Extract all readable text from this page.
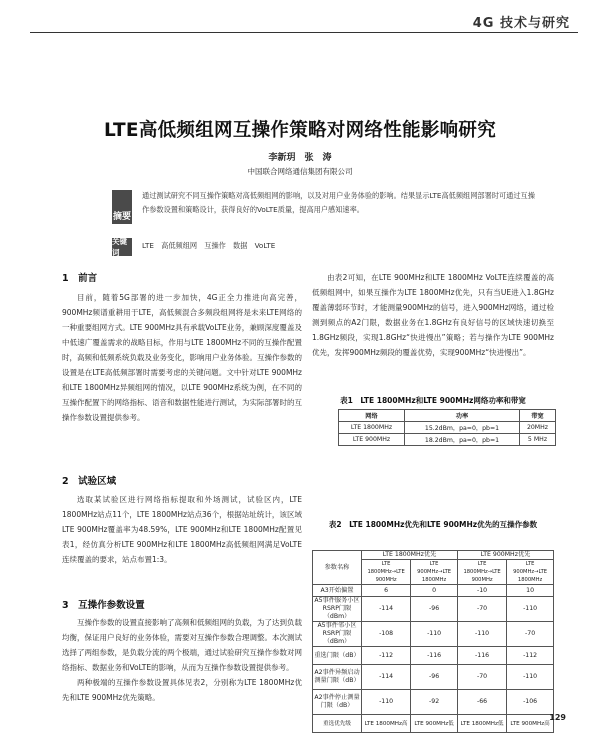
4G 技术与研究
LTE高低频组网互操作策略对网络性能影响研究
李新玥　张　涛
中国联合网络通信集团有限公司
摘要
通过测试研究不同互操作策略对高低频组网的影响，以及对用户业务体验的影响。结果显示LTE高低频组网部署时可通过互操作参数设置和策略设计，获得良好的VoLTE质量，提高用户感知速率。
关键词
LTE　高低频组网　互操作　数据　VoLTE
1　前言

目前，随着5G部署的进一步加快，4G正全力推进向高完善，900MHz频谱重耕用于LTE，高低频混合多频段组网将是未来LTE网络的一种重要组网方式。LTE 900MHz具有承载VoLTE业务，兼顾深度覆盖及中低速广覆盖需求的战略目标，作用与LTE 1800MHz不同的互操作配置时，高频和低频系统负载及业务变化，影响用户业务体验。互操作参数的设置是在LTE高低频部署时需要考虑的关键问题。文中针对LTE 900MHz和LTE 1800MHz异频组网的情况，以LTE 900MHz系统为例，在不同的互操作配置下的网络指标、语音和数据性能进行测试，为实际部署时的互操作参数设置提供参考。

2　试验区域

选取某试验区进行网络指标提取和外场测试，试验区内，LTE 1800MHz站点11个，LTE 1800MHz站点36个，根据站址统计，该区域LTE 900MHz覆盖率为48.59%，LTE 900MHz和LTE 1800MHz配置见表1，经仿真分析LTE 900MHz和LTE 1800MHz高低频组网满足VoLTE连续覆盖的要求，站点布置1:3。

3　互操作参数设置

互操作参数的设置直接影响了高频和低频组网的负载，为了达到负载均衡，保证用户良好的业务体验，需要对互操作参数合理调整。本次测试选择了两组参数，是负载分流的两个极端，通过试验研究互操作参数对网络指标、数据业务和VoLTE的影响，从而为互操作参数设置提供参考。

两种极端的互操作参数设置具体见表2，分别称为LTE 1800MHz优先和LTE 900MHz优先策略。

由表2可知，在LTE 900MHz和LTE 1800MHz VoLTE连续覆盖的高低频组网中，如果互操作为LTE 1800MHz优先，只有当UE进入1.8GHz覆盖薄弱环节时，才能测量900MHz的信号，进入900MHz网络，通过检测到频点的A2门限，数据业务在1.8GHz有良好信号的区域快速切换至1.8GHz频段，实现1.8GHz“快进慢出”策略；若与操作为LTE 900MHz优先，发挥900MHz频段的覆盖优势，实现900MHz“快进慢出”。

表1　LTE 1800MHz和LTE 900MHz网络功率和带宽
网络	功率	带宽
LTE 1800MHz	15.2dBm，pa=0，pb=1	20MHz
LTE 900MHz	18.2dBm，pa=0，pb=1	5 MHz
表2　LTE 1800MHz优先和LTE 900MHz优先的互操作参数
参数名称	LTE 1800MHz优先		LTE 900MHz优先	
	LTE 1800MHz→LTE 900MHz	LTE 900MHz→LTE 1800MHz	LTE 1800MHz→LTE 900MHz	LTE 900MHz→LTE 1800MHz
A3开始偏置	6	0	-10	10
A5事件服务小区RSRP门限（dBm）	-114	-96	-70	-110
A5事件邻小区RSRP门限（dBm）	-108	-110	-110	-70
重选门限（dB）	-112	-116	-116	-112
A2事件异频启动测量门限（dB）	-114	-96	-70	-110
A2事件停止测量门限（dB）	-110	-92	-66	-106
重选优先级	LTE 1800MHz高	LTE 900MHz低	LTE 1800MHz低	LTE 900MHz高
129
